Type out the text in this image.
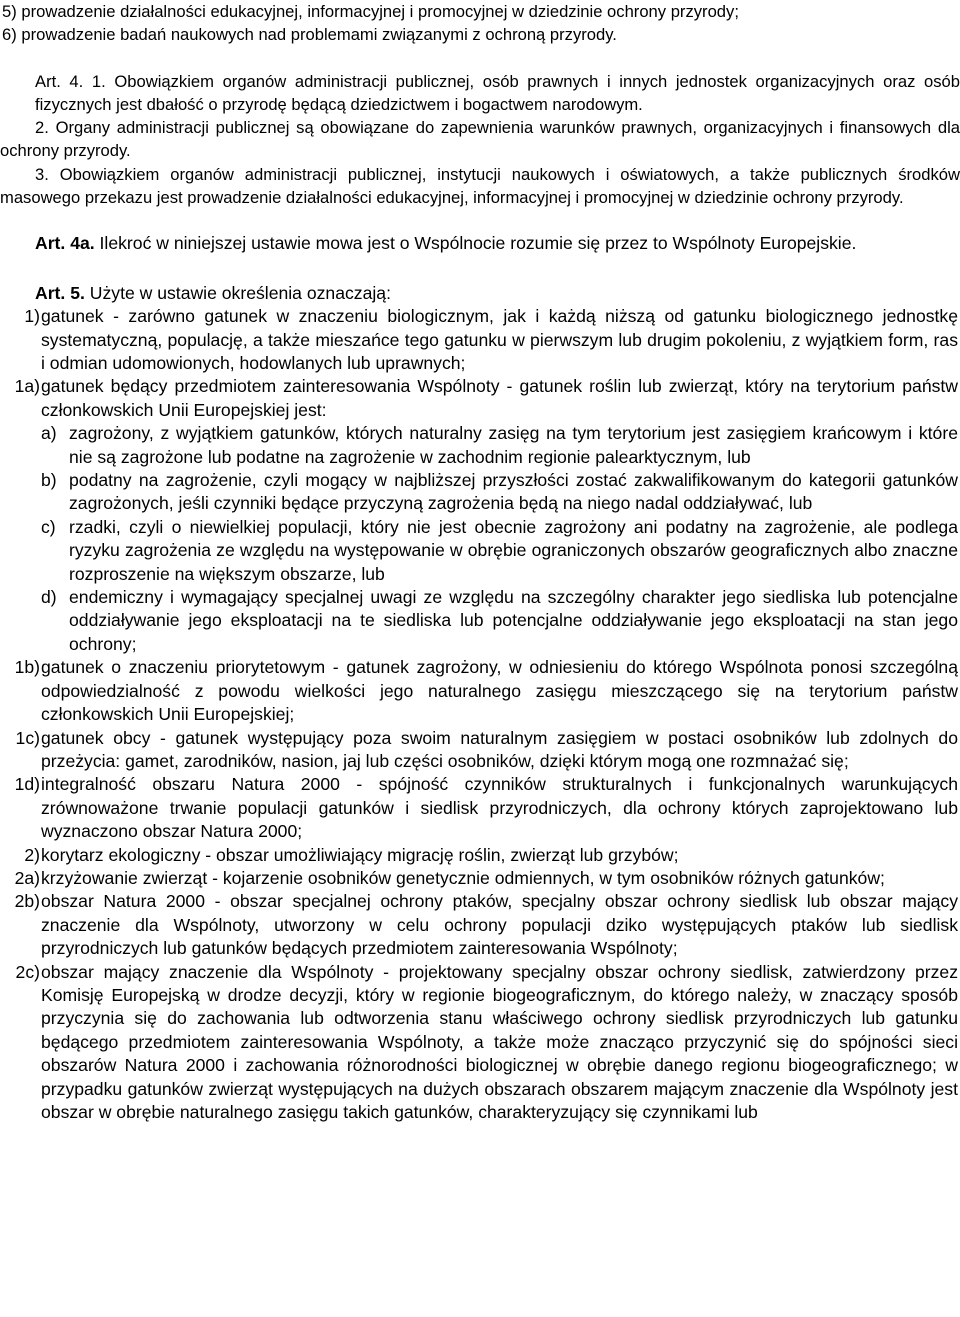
5) prowadzenie działalności edukacyjnej, informacyjnej i promocyjnej w dziedzinie ochrony przyrody;
6) prowadzenie badań naukowych nad problemami związanymi z ochroną przyrody.

Art. 4. 1. Obowiązkiem organów administracji publicznej, osób prawnych i innych jednostek organizacyjnych oraz osób fizycznych jest dbałość o przyrodę będącą dziedzictwem i bogactwem narodowym.

2. Organy administracji publicznej są obowiązane do zapewnienia warunków prawnych, organizacyjnych i finansowych dla ochrony przyrody.

3. Obowiązkiem organów administracji publicznej, instytucji naukowych i oświatowych, a także publicznych środków masowego przekazu jest prowadzenie działalności edukacyjnej, informacyjnej i promocyjnej w dziedzinie ochrony przyrody.

Art. 4a. Ilekroć w niniejszej ustawie mowa jest o Wspólnocie rozumie się przez to Wspólnoty Europejskie.

Art. 5. Użyte w ustawie określenia oznaczają:

1) gatunek - zarówno gatunek w znaczeniu biologicznym, jak i każdą niższą od gatunku biologicznego jednostkę systematyczną, populację, a także mieszańce tego gatunku w pierwszym lub drugim pokoleniu, z wyjątkiem form, ras i odmian udomowionych, hodowlanych lub uprawnych;
1a) gatunek będący przedmiotem zainteresowania Wspólnoty - gatunek roślin lub zwierząt, który na terytorium państw członkowskich Unii Europejskiej jest:
a) zagrożony, z wyjątkiem gatunków, których naturalny zasięg na tym terytorium jest zasięgiem krańcowym i które nie są zagrożone lub podatne na zagrożenie w zachodnim regionie palearktycznym, lub
b) podatny na zagrożenie, czyli mogący w najbliższej przyszłości zostać zakwalifikowanym do kategorii gatunków zagrożonych, jeśli czynniki będące przyczyną zagrożenia będą na niego nadal oddziaływać, lub
c) rzadki, czyli o niewielkiej populacji, który nie jest obecnie zagrożony ani podatny na zagrożenie, ale podlega ryzyku zagrożenia ze względu na występowanie w obrębie ograniczonych obszarów geograficznych albo znaczne rozproszenie na większym obszarze, lub
d) endemiczny i wymagający specjalnej uwagi ze względu na szczególny charakter jego siedliska lub potencjalne oddziaływanie jego eksploatacji na te siedliska lub potencjalne oddziaływanie jego eksploatacji na stan jego ochrony;
1b) gatunek o znaczeniu priorytetowym - gatunek zagrożony, w odniesieniu do którego Wspólnota ponosi szczególną odpowiedzialność z powodu wielkości jego naturalnego zasięgu mieszczącego się na terytorium państw członkowskich Unii Europejskiej;
1c) gatunek obcy - gatunek występujący poza swoim naturalnym zasięgiem w postaci osobników lub zdolnych do przeżycia: gamet, zarodników, nasion, jaj lub części osobników, dzięki którym mogą one rozmnażać się;
1d) integralność obszaru Natura 2000 - spójność czynników strukturalnych i funkcjonalnych warunkujących zrównoważone trwanie populacji gatunków i siedlisk przyrodniczych, dla ochrony których zaprojektowano lub wyznaczono obszar Natura 2000;
2) korytarz ekologiczny - obszar umożliwiający migrację roślin, zwierząt lub grzybów;
2a) krzyżowanie zwierząt - kojarzenie osobników genetycznie odmiennych, w tym osobników różnych gatunków;
2b) obszar Natura 2000 - obszar specjalnej ochrony ptaków, specjalny obszar ochrony siedlisk lub obszar mający znaczenie dla Wspólnoty, utworzony w celu ochrony populacji dziko występujących ptaków lub siedlisk przyrodniczych lub gatunków będących przedmiotem zainteresowania Wspólnoty;
2c) obszar mający znaczenie dla Wspólnoty - projektowany specjalny obszar ochrony siedlisk, zatwierdzony przez Komisję Europejską w drodze decyzji, który w regionie biogeograficznym, do którego należy, w znaczący sposób przyczynia się do zachowania lub odtworzenia stanu właściwego ochrony siedlisk przyrodniczych lub gatunku będącego przedmiotem zainteresowania Wspólnoty, a także może znacząco przyczynić się do spójności sieci obszarów Natura 2000 i zachowania różnorodności biologicznej w obrębie danego regionu biogeograficznego; w przypadku gatunków zwierząt występujących na dużych obszarach obszarem mającym znaczenie dla Wspólnoty jest obszar w obrębie naturalnego zasięgu takich gatunków, charakteryzujący się czynnikami lub
